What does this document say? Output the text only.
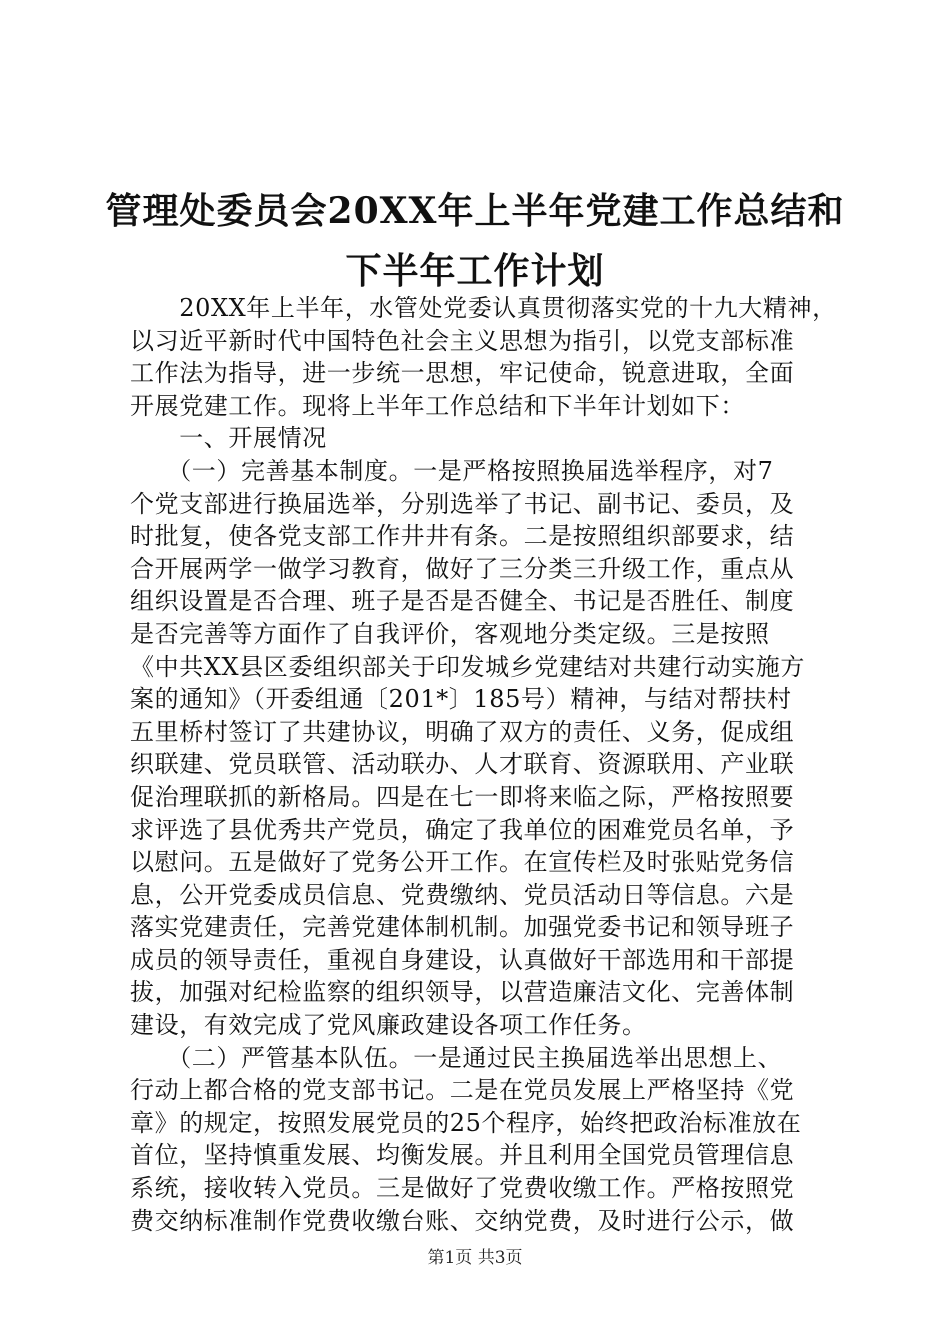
管理处委员会20XX年上半年党建工作总结和
下半年工作计划
　　20XX年上半年，水管处党委认真贯彻落实党的十九大精神，
以习近平新时代中国特色社会主义思想为指引，以党支部标准
工作法为指导，进一步统一思想，牢记使命，锐意进取，全面
开展党建工作。现将上半年工作总结和下半年计划如下：
　　一、开展情况
　　（一）完善基本制度。一是严格按照换届选举程序，对7
个党支部进行换届选举，分别选举了书记、副书记、委员，及
时批复，使各党支部工作井井有条。二是按照组织部要求，结
合开展两学一做学习教育，做好了三分类三升级工作，重点从
组织设置是否合理、班子是否是否健全、书记是否胜任、制度
是否完善等方面作了自我评价，客观地分类定级。三是按照
《中共XX县区委组织部关于印发城乡党建结对共建行动实施方
案的通知》（开委组通〔201*〕185号）精神，与结对帮扶村
五里桥村签订了共建协议，明确了双方的责任、义务，促成组
织联建、党员联管、活动联办、人才联育、资源联用、产业联
促治理联抓的新格局。四是在七一即将来临之际，严格按照要
求评选了县优秀共产党员，确定了我单位的困难党员名单，予
以慰问。五是做好了党务公开工作。在宣传栏及时张贴党务信
息，公开党委成员信息、党费缴纳、党员活动日等信息。六是
落实党建责任，完善党建体制机制。加强党委书记和领导班子
成员的领导责任，重视自身建设，认真做好干部选用和干部提
拔，加强对纪检监察的组织领导，以营造廉洁文化、完善体制
建设，有效完成了党风廉政建设各项工作任务。
　　（二）严管基本队伍。一是通过民主换届选举出思想上、
行动上都合格的党支部书记。二是在党员发展上严格坚持《党
章》的规定，按照发展党员的25个程序，始终把政治标准放在
首位，坚持慎重发展、均衡发展。并且利用全国党员管理信息
系统，接收转入党员。三是做好了党费收缴工作。严格按照党
费交纳标准制作党费收缴台账、交纳党费，及时进行公示，做
第1页 共3页
